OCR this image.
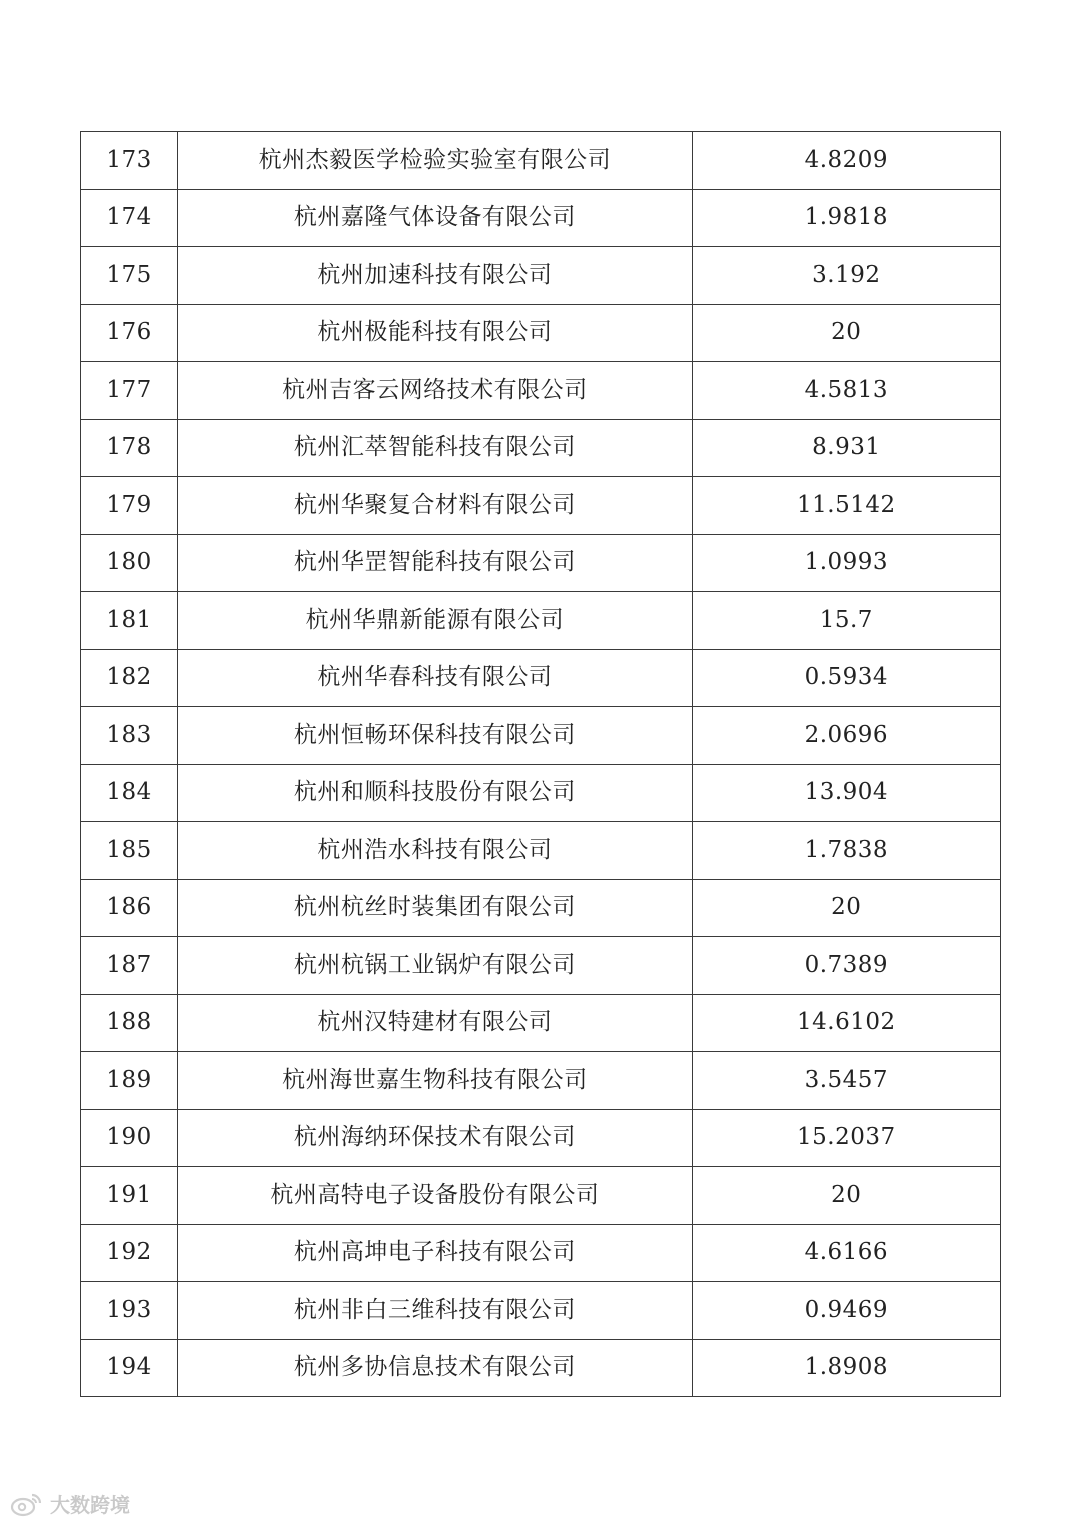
173	杭州杰毅医学检验实验室有限公司	4.8209
174	杭州嘉隆气体设备有限公司	1.9818
175	杭州加速科技有限公司	3.192
176	杭州极能科技有限公司	20
177	杭州吉客云网络技术有限公司	4.5813
178	杭州汇萃智能科技有限公司	8.931
179	杭州华聚复合材料有限公司	11.5142
180	杭州华罡智能科技有限公司	1.0993
181	杭州华鼎新能源有限公司	15.7
182	杭州华春科技有限公司	0.5934
183	杭州恒畅环保科技有限公司	2.0696
184	杭州和顺科技股份有限公司	13.904
185	杭州浩水科技有限公司	1.7838
186	杭州杭丝时装集团有限公司	20
187	杭州杭锅工业锅炉有限公司	0.7389
188	杭州汉特建材有限公司	14.6102
189	杭州海世嘉生物科技有限公司	3.5457
190	杭州海纳环保技术有限公司	15.2037
191	杭州高特电子设备股份有限公司	20
192	杭州高坤电子科技有限公司	4.6166
193	杭州非白三维科技有限公司	0.9469
194	杭州多协信息技术有限公司	1.8908
大数跨境
